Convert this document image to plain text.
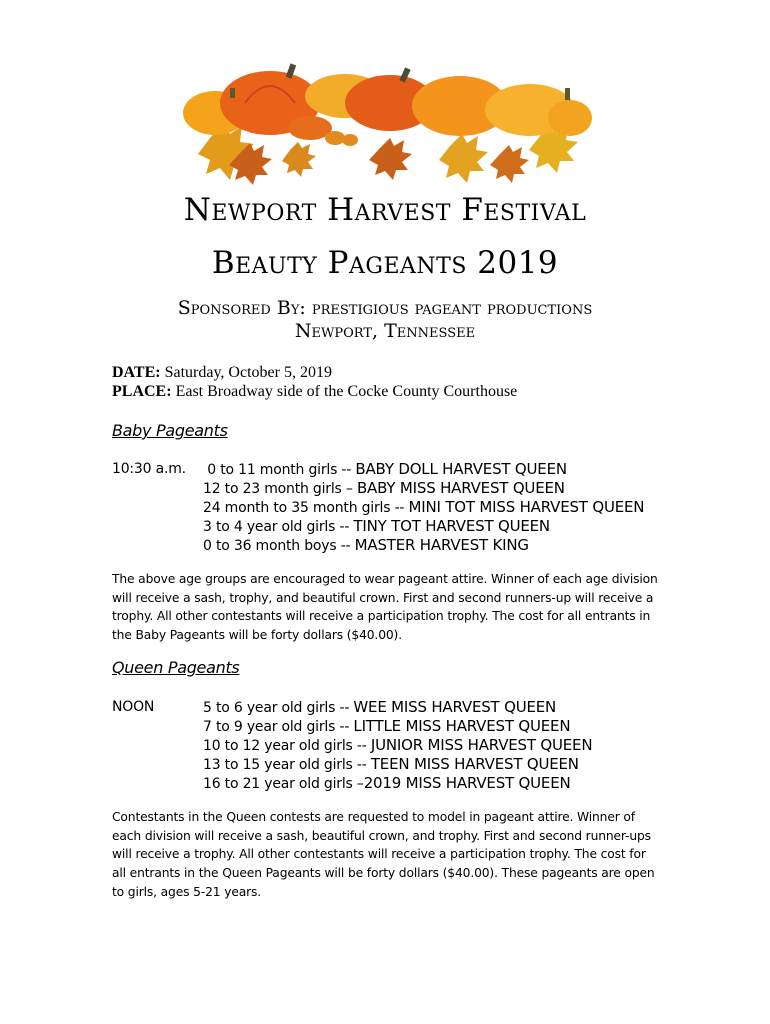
Newport Harvest Festival
Beauty Pageants 2019
Sponsored By: prestigious pageant productions
Newport, Tennessee
DATE: Saturday, October 5, 2019
PLACE: East Broadway side of the Cocke County Courthouse
Baby Pageants
10:30 a.m. 0 to 11 month girls -- BABY DOLL HARVEST QUEEN
12 to 23 month girls – BABY MISS HARVEST QUEEN
24 month to 35 month girls -- MINI TOT MISS HARVEST QUEEN
3 to 4 year old girls -- TINY TOT HARVEST QUEEN
0 to 36 month boys -- MASTER HARVEST KING
The above age groups are encouraged to wear pageant attire. Winner of each age division will receive a sash, trophy, and beautiful crown. First and second runners-up will receive a trophy. All other contestants will receive a participation trophy. The cost for all entrants in the Baby Pageants will be forty dollars ($40.00).
Queen Pageants
NOON	5 to 6 year old girls -- WEE MISS HARVEST QUEEN
7 to 9 year old girls -- LITTLE MISS HARVEST QUEEN
10 to 12 year old girls -- JUNIOR MISS HARVEST QUEEN
13 to 15 year old girls -- TEEN MISS HARVEST QUEEN
16 to 21 year old girls –2019 MISS HARVEST QUEEN
Contestants in the Queen contests are requested to model in pageant attire. Winner of each division will receive a sash, beautiful crown, and trophy. First and second runner-ups will receive a trophy. All other contestants will receive a participation trophy. The cost for all entrants in the Queen Pageants will be forty dollars ($40.00). These pageants are open to girls, ages 5-21 years.
